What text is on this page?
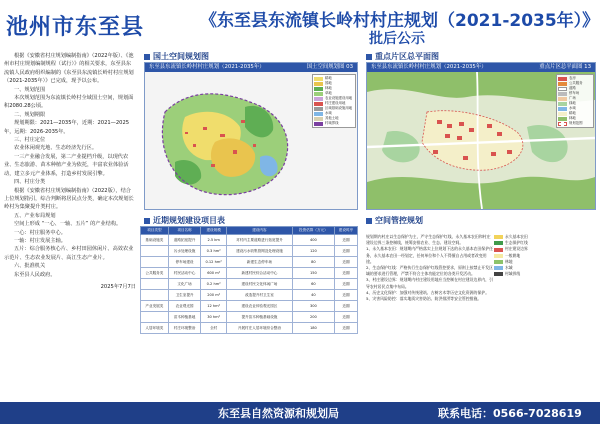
池州市东至县	《东至县东流镇长岭村村庄规划（2021-2035年）》
批后公示

根据《安徽省村庄规划编制指南》（2022年版）、《池州市村庄规划编制规程（试行）》的相关要求，东至县东流镇人民政府组织编制的《东至县东流镇长岭村村庄规划（2021-2035年）》已完成，现予以公布。

一、规划范围

本次规划范围为东流镇长岭村全域国土空间，规划面积2080.28公顷。

二、规划期限

规划期限：2021—2035年，近期：2021—2025年，远期：2026-2035年。

三、村庄定位

农业休闲观光地、生态经济先行区。

一三产业融合发展，第二产业提档升级，以现代农业、生态旅游、苗木种植产业为依托，丰富农业体验活动，建立多元产业体系，打造乡村发展引擎。

四、村庄分类

根据《安徽省村庄规划编制指南》（2022版），结合上位规划指引，综合判断将居民点分类，确定本次规划长岭村为集聚提升类村庄。

五、产业布局规划

空间上形成 “一心、一轴、五片” 的产业结构。

一心：村庄服务中心。

一轴：村庄发展主轴。

五片：综合服务核心片、乡村田园休闲片、高效农业示范片、生态农业发展片、高江生态产业片。

六、批准机关

东至县人民政府。

2025年7月7日
国土空间规划图	重点片区总平面图
近期规划建设项目表	空间管控规划
东至县东流镇长岭村村庄规划（2021-2035年）	国土空间规划图 03
耕地
园地
林地
草地
农业设施建设用地
村庄建设用地
区域基础设施用地
水域
其他土地
村域界线
东至县东流镇长岭村村庄规划（2021-2035年）	重点片区总平面图 13
农房
公共服务
道路
停车场
广场
绿地
水域
耕地
林地
规划范围
项目类型	项目名称	建设规模	建设内容	投资估算（万元）	建设时序
基础设施类	道路拓宽提升	2.5 km	对村内主要道路进行拓宽提升	400	近期
	污水处理设施	0.3 hm²	建设污水收集管网及处理设施	120	近期
	停车场建设	0.12 hm²	新建生态停车场	80	近期
公共服务类	村民活动中心	600 m²	新建村民综合活动中心	150	近期
	文化广场	0.2 hm²	建设村民文化休闲广场	60	近期
	卫生室提升	200 m²	改造提升村卫生室	40	近期
产业发展类	农业观光园	12 hm²	建设农业体验观光园区	300	近期
	苗木种植基地	30 hm²	提升苗木种植基础设施	200	近期
人居环境类	村庄环境整治	全村	开展村庄人居环境综合整治	180	近期

规划期内村庄以生态保护为主，严守生态保护红线、永久基本农田和村庄建设边界三条控制线，统筹安排农业、生态、建设空间。

1、永久基本农田：规划期内严格落实上位规划下达的永久基本农田保护任务，永久基本农田一经划定，任何单位和个人不得擅自占用或者改变用途。

2、生态保护红线：严格执行生态保护红线管控要求，原则上按禁止开发区域的要求进行管理，严禁不符合主体功能定位的各类开发活动。

3、村庄建设边界：规划期内村庄建设用地应当控制在村庄建设边界内，引导农村居民点集中布局。

4、历史文化保护：加强对传统建筑、古树名木等历史文化资源的保护。

5、灾害风险防控：落实地质灾害防治、防洪排涝等安全管控措施。

永久基本农田
生态保护红线
村庄建设边界
一般耕地
林地
水域
村域界线
东至县自然资源和规划局	联系电话：0566-7028619
